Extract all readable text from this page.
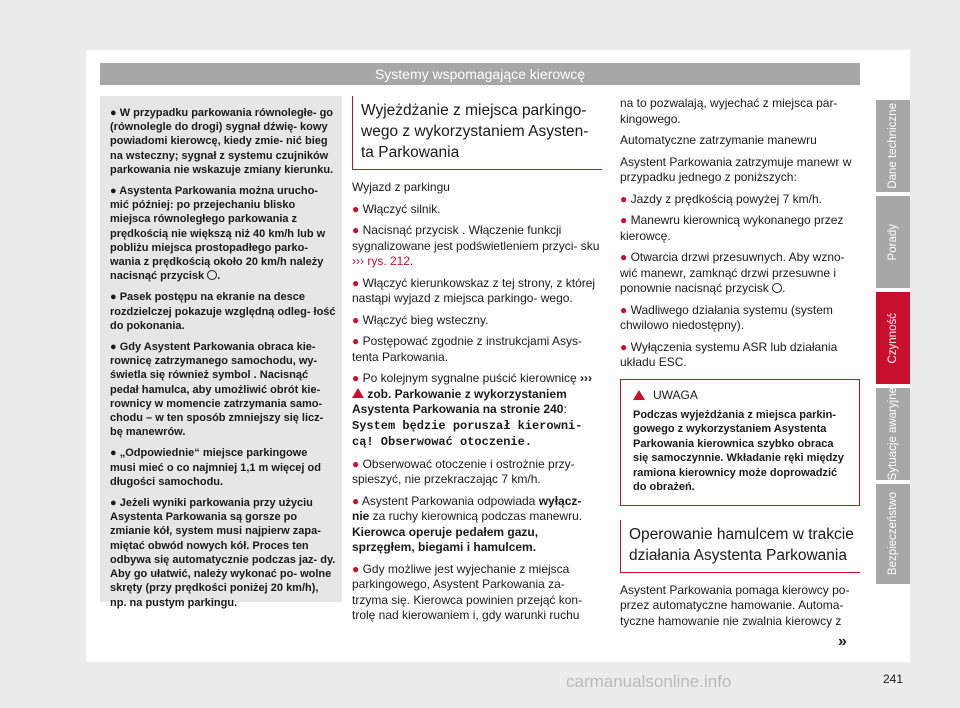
Systemy wspomagające kierowcę

● W przypadku parkowania równoległe- go (równolegle do drogi) sygnał dźwię- kowy powiadomi kierowcę, kiedy zmie- nić bieg na wsteczny; sygnał z systemu czujników parkowania nie wskazuje zmiany kierunku.

● Asystenta Parkowania można urucho- mić później: po przejechaniu blisko miejsca równoległego parkowania z prędkością nie większą niż 40 km/h lub w pobliżu miejsca prostopadłego parko- wania z prędkością około 20 km/h należy nacisnąć przycisk .

● Pasek postępu na ekranie na desce rozdzielczej pokazuje względną odleg- łość do pokonania.

● Gdy Asystent Parkowania obraca kie- rownicę zatrzymanego samochodu, wy- świetla się również symbol . Nacisnąć pedał hamulca, aby umożliwić obrót kie- rownicy w momencie zatrzymania samo- chodu – w ten sposób zmniejszy się licz- bę manewrów.

● „Odpowiednie“ miejsce parkingowe musi mieć o co najmniej 1,1 m więcej od długości samochodu.

● Jeżeli wyniki parkowania przy użyciu Asystenta Parkowania są gorsze po zmianie kół, system musi najpierw zapa- miętać obwód nowych kół. Proces ten odbywa się automatycznie podczas jaz- dy. Aby go ułatwić, należy wykonać po- wolne skręty (przy prędkości poniżej 20 km/h), np. na pustym parkingu.

Wyjeżdżanie z miejsca parkingo- wego z wykorzystaniem Asysten- ta Parkowania
Wyjazd z parkingu
● Włączyć silnik.
● Nacisnąć przycisk . Włączenie funkcji sygnalizowane jest podświetleniem przyci- sku ››› rys. 212.
● Włączyć kierunkowskaz z tej strony, z której nastąpi wyjazd z miejsca parkingo- wego.
● Włączyć bieg wsteczny.
● Postępować zgodnie z instrukcjami Asys- tenta Parkowania.
● Po kolejnym sygnalne puścić kierownicę ›››  zob. Parkowanie z wykorzystaniem Asystenta Parkowania na stronie 240: System będzie poruszał kierowni- cą! Obserwować otoczenie.
● Obserwować otoczenie i ostrożnie przy- spieszyć, nie przekraczając 7 km/h.
● Asystent Parkowania odpowiada wyłącz- nie za ruchy kierownicą podczas manewru. Kierowca operuje pedałem gazu, sprzęgłem, biegami i hamulcem.
● Gdy możliwe jest wyjechanie z miejsca parkingowego, Asystent Parkowania za- trzyma się. Kierowca powinien przejąć kon- trolę nad kierowaniem i, gdy warunki ruchu
na to pozwalają, wyjechać z miejsca par- kingowego.
Automatyczne zatrzymanie manewru
Asystent Parkowania zatrzymuje manewr w przypadku jednego z poniższych:
● Jazdy z prędkością powyżej 7 km/h.
● Manewru kierownicą wykonanego przez kierowcę.
● Otwarcia drzwi przesuwnych. Aby wzno- wić manewr, zamknąć drzwi przesuwne i ponownie nacisnąć przycisk .
● Wadliwego działania systemu (system chwilowo niedostępny).
● Wyłączenia systemu ASR lub działania układu ESC.
UWAGA
Podczas wyjeżdżania z miejsca parkin- gowego z wykorzystaniem Asystenta Parkowania kierownica szybko obraca się samoczynnie. Wkładanie ręki między ramiona kierownicy może doprowadzić do obrażeń.
Operowanie hamulcem w trakcie działania Asystenta Parkowania
Asystent Parkowania pomaga kierowcy po- przez automatyczne hamowanie. Automa- tyczne hamowanie nie zwalnia kierowcy z
»
Dane techniczne
Porady
Czynność
Sytuacje awaryjne
Bezpieczeństwo
241
carmanualsonline.info
